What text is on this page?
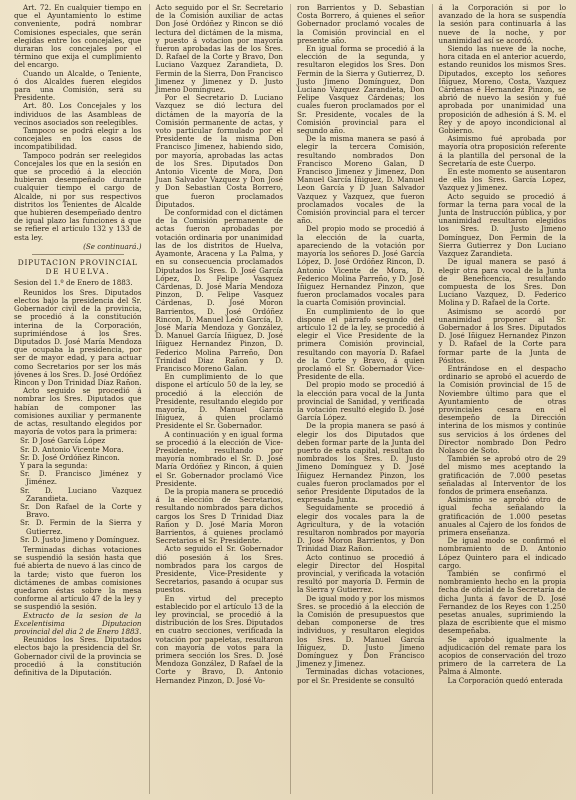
Art. 72. En cualquier tiempo en que el Ayuntamiento lo estime conveniente, podrá nombrar Comisiones especiales, que serán elegidas entre los concejales, que duraran los concejales por el término que exija el cumplimiento del encargo.

Cuando un Alcalde, o Teniente, ó dos Alcaldes fueren elegidos para una Comisión, será su Presidente.

Art. 80. Los Concejales y los individuos de las Asambleas de vecinos asociados son reelegibles.

Tampoco se podrá elegir a los concejales en los casos de incompatibilidad.

Tampoco podrán ser reelegidos Concejales los que en la sesión en que se procedió á la elección hubieran desempeñado durante cualquier tiempo el cargo de Alcalde, ni por sus respectivos distritos los Tenientes de Alcalde que hubieren desempeñado dentro de igual plazo las funciones á que se refiere el artículo 132 y 133 de esta ley.

(Se continuará.)

DIPUTACION PROVINCIAL
DE HUELVA.

Sesion del 1.º de Enero de 1883.

Reunidos los Sres. Diputados electos bajo la presidencia del Sr. Gobernador civil de la provincia, se procedió á la constitución interina de la Corporación, suprimiéndose á los Sres. Diputados D. José María Mendoza que ocupaba la presidencia, por ser de mayor edad, y para actuar como Secretarios por ser los más jóvenes á los Sres. D. José Ordóñez Rincon y Don Trinidad Díaz Rañon.

Acto seguido se procedió á nombrar los Sres. Diputados que habían de componer las comisiones auxiliar y permanente de actas, resultando elegidos por mayoría de votos para la primera:

Sr. D José García López
Sr. D. Antonio Vicente Mora.
Sr. D. José Ordóñez Rincon.
Y para la segunda:
Sr. D. Francisco Jiménez y Jiménez.
Sr. D. Luciano Vazquez Zarandieta.
Sr. Don Rafael de la Corte y Bravo.
Sr. D. Fermin de la Sierra y Gutierrez.
Sr. D. Justo Jimeno y Domínguez.

Terminadas dichas votaciones se suspendió la sesión hasta que fué abierta de nuevo á las cinco de la tarde; visto que fueron los dictámenes de ambas comisiones quedaron éstas sobre la mesa conforme al artículo 47 de la ley y se suspendió la sesión.

Extracto de la sesion de la Excelentisima Diputacion provincial del dia 2 de Enero 1883.

Reunidos los Sres. Diputados electos bajo la presidencia del Sr. Gobernador civil de la provincia se procedió á la constitución definitiva de la Diputación.

Acto seguido por el Sr. Secretario de la Comisión auxiliar de actas Don José Ordóñez y Rincon se dió lectura del dictámen de la misma, y puesto á votacion por mayoría fueron aprobadas las de los Sres. D. Rafael de la Corte y Bravo, Don Luciano Vazquez Zarandieta, D. Fermin de la Sierra, Don Francisco Jimenez y Jimenez y D. Justo Jimeno Domínguez.

Por el Secretario D. Luciano Vazquez se dió lectura del dictámen de la mayoría de la Comisión permanente de actas, y voto particular formulado por el Presidente de la misma Don Francisco Jimenez, habiendo sido, por mayoría, aprobadas las actas de los Sres. Diputados Don Antonio Vicente de Mora, Don Juan Salvador Vazquez y Don José y Don Sebastian Costa Borrero, que fueron proclamados Diputados.

De conformidad con el dictámen de la Comisión permanente de actas fueron aprobadas por votación ordinaria por unanimidad las de los distritos de Huelva, Ayamonte, Aracena y La Palma, y en su consecuencia proclamados Diputados los Sres. D. José García López, D. Felipe Vasquez Cárdenas, D. José María Mendoza Pinzon, D. Felipe Vasquez Cárdenas, D. José Moron Barrientos, D. José Ordóñez Rincon, D. Manuel León García, D. José María Mendoza y González, D. Manuel García Iñiguez, D. José Iñiguez Hernandez Pinzon, D. Federico Molina Parreño, Don Trinidad Diaz Rañon y D. Francisco Moreno Galan.

En cumplimiento de lo que dispone el artículo 50 de la ley, se procedió á la elección de Presidente, resultando elegido por mayoría, D. Manuel García Iñiguez, á quien proclamó Presidente el Sr. Gobernador.

A continuación y en igual forma se procedió á la elección de Vice-Presidente, resultando por mayoría nombrado el Sr. D. José María Ordóñez y Rincon, á quien el Sr. Gobernador proclamó Vice Presidente.

De la propia manera se procedió á la elección de Secretarios, resultando nombrados para dichos cargos los Sres D Trinidad Diaz Rañon y D. José María Moron Barrientos, á quienes proclamó Secretarios el Sr. Presidente.

Acto seguido el Sr. Gobernador dió posesión á los Sres. nombrados para los cargos de Presidente, Vice-Presidente y Secretarios, pasando á ocupar sus puestos.

En virtud del precepto establecido por el artículo 13 de la ley provincial, se procedió á la distribución de los Sres. Diputados en cuatro secciones, verificada la votación por papeletas, resultaron con mayoría de votos para la primera sección los Sres. D. José Mendoza González, D Rafael de la Corte y Bravo, D. Antonio Hernandez Pinzon, D. José Vo-

ron Barrientos y D. Sebastian Costa Borrero, á quienes el señor Gobernador proclamó vocales de la Comisión provincial en el presente año.

En igual forma se procedió á la elección de la segunda, y resultaron elegidos los Sres. Don Fermin de la Sierra y Gutierrez, D. Justo Jimeno Domínguez, Don Luciano Vazquez Zarandieta, Don Felipe Vasquez Cárdenas; los cuales fueron proclamados por el Sr. Presidente, vocales de la Comisión provincial para el segundo año.

De la misma manera se pasó á elegir la tercera Comisión, resultando nombrados Don Francisco Moreno Galan, D Francisco Jimenez y Jimenez, Don Manuel García Iñiguez, D. Manuel Leon García y D Juan Salvador Vazquez y Vazquez, que fueron proclamados vocales de la Comisión provincial para el tercer año.

Del propio modo se procedió á la elección de la cuarta, apareciendo de la votación por mayoría los señores D. José García López, D. José Ordóñez Rincon, D. Antonio Vicente de Mora, D. Federico Molina Parreño, y D. José Iñiguez Hernandez Pinzon, que fueron proclamados vocales para la cuarta Comisión provincial.

En cumplimiento de lo que dispone el párrafo segundo del artículo 12 de la ley, se procedió á elegir el Vice Presidente de la primera Comisión provincial, resultando con mayoría D. Rafael de la Corte y Bravo, á quien proclamó el Sr. Gobernador Vice-Presidente de ella.

Del propio modo se procedió á la elección para vocal de la Junta provincial de Sanidad, y verificada la votación resultó elegido D. José García López.

De la propia manera se pasó á elegir los dos Diputados que deben formar parte de la Junta del puerto de esta capital, resultan do nombrados los Sres. D. Justo Jimeno Domínguez y D. José Iñiguez Hernandez Pinzon, los cuales fueron proclamados por el señor Presidente Diputados de la expresada Junta.

Seguidamente se procedió á elegir dos vocales para la de Agricultura, y de la votación resultaron nombrados por mayoría D. José Moron Barrientos, y Don Trinidad Diaz Rañon.

Acto continuo se procedió á elegir Director del Hospital provincial, y verificada la votación resultó por mayoría D. Fermin de la Sierra y Gutierrez.

De igual modo y por los mismos Sres. se procedió á la elección de la Comisión de presupuestos que deban componerse de tres individuos, y resultaron elegidos los Sres. D. Manuel García Iñiguez, D. Justo Jimeno Domínguez y Don Francisco Jimenez y Jimenez.

Terminadas dichas votaciones, por el Sr. Presidente se consultó

á la Corporación si por lo avanzado de la hora se suspendía la sesión para continuarla á las nueve de la noche, y por unanimidad así se acordó.

Siendo las nueve de la noche, hora citada en el anterior acuerdo, estando reunidos los mismos Sres. Diputados, excepto los señores Iñiguez, Moreno, Costa, Vazquez Cárdenas é Hernandez Pinzon, se abrió de nuevo la sesión y fué aprobada por unanimidad una proposición de adhesión á S. M. el Rey y de apoyo incondicional al Gobierno.

Asimismo fué aprobada por mayoría otra proposición referente á la plantilla del personal de la Secretaría de este Cuerpo.

En este momento se ausentaron de ella los Sres. García Lopez, Vazquez y Jimenez.

Acto seguido se procedió á formar la terna para vocal de la Junta de Instrucción pública, y por unanimidad resultaron elegidos los Sres. D. Justo Jimeno Domínguez, Don Fermin de la Sierra Gutierrez y Don Luciano Vazquez Zarandieta.

De igual manera se pasó á elegir otra para vocal de la Junta de Beneficencia, resultando compuesta de los Sres. Don Luciano Vazquez, D. Federico Molina y D. Rafael de la Corte.

Asimismo se acordó por unanimidad proponer al Sr. Gobernador á los Sres. Diputados D. José Iñiguez Hernandez Pinzon y D. Rafael de la Corte para formar parte de la Junta de Pósitos.

Entrándose en el despacho ordinario se aprobó el acuerdo de la Comisión provincial de 15 de Noviembre último para que el Ayuntamiento de otras provinciales cesara en el desempeño de la Dirección interina de los mismos y continúe sus servicios á los órdenes del Director nombrado Don Pedro Nolasco de Soto.

También se aprobó otro de 29 del mismo mes aceptando la gratificación de 7.000 pesetas señaladas al Interventor de los fondos de primera enseñanza.

Asimismo se aprobó otro de igual fecha señalando la gratificación de 1.000 pesetas anuales al Cajero de los fondos de primera enseñanza.

De igual modo se confirmó el nombramiento de D. Antonio López Quintero para el indicado cargo.

También se confirmó el nombramiento hecho en la propia fecha de oficial de la Secretaría de dicha Junta á favor de D. José Fernandez de los Reyes con 1.250 pesetas anuales, suprimiendo la plaza de escribiente que el mismo desempeñaba.

Se aprobó igualmente la adjudicación del remate para los acopios de conservación del trozo primero de la carretera de La Palma á Almonte.

La Corporación quedó enterada
